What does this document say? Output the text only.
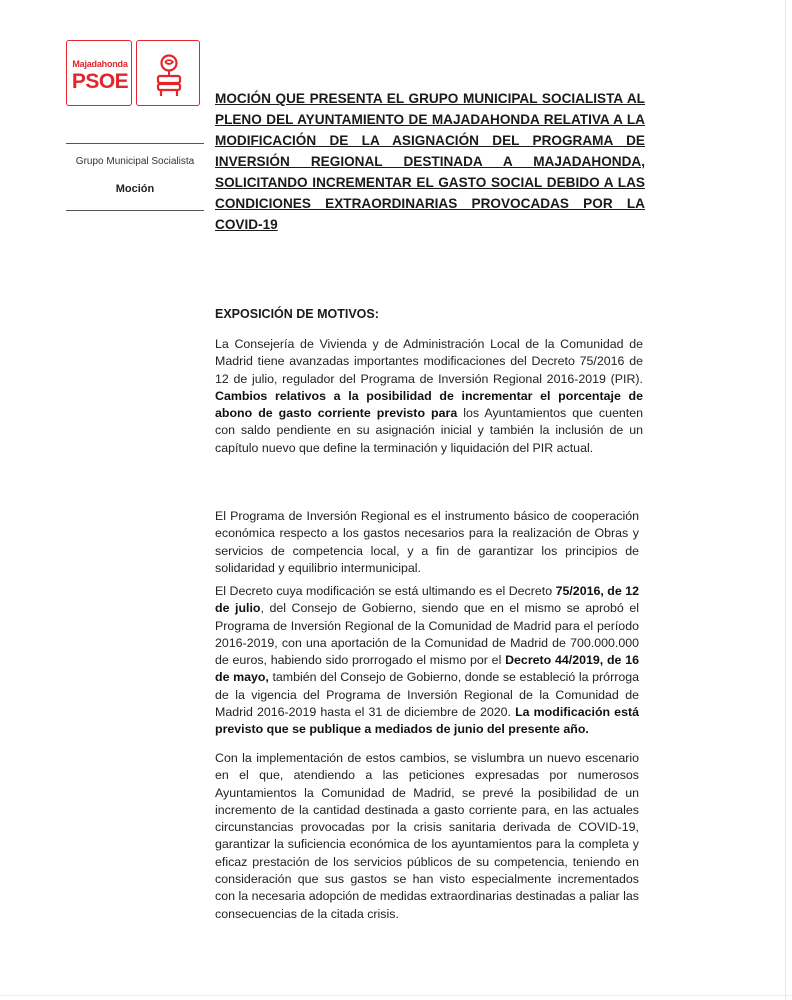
Majadahonda
PSOE
Grupo Municipal Socialista
Moción
MOCIÓN QUE PRESENTA EL GRUPO MUNICIPAL SOCIALISTA AL PLENO DEL AYUNTAMIENTO DE MAJADAHONDA RELATIVA A LA MODIFICACIÓN DE LA ASIGNACIÓN DEL PROGRAMA DE INVERSIÓN REGIONAL DESTINADA A MAJADAHONDA, SOLICITANDO INCREMENTAR EL GASTO SOCIAL DEBIDO A LAS CONDICIONES EXTRAORDINARIAS PROVOCADAS POR LA COVID-19
EXPOSICIÓN DE MOTIVOS:
La Consejería de Vivienda y de Administración Local de la Comunidad de Madrid tiene avanzadas importantes modificaciones del Decreto 75/2016 de 12 de julio, regulador del Programa de Inversión Regional 2016-2019 (PIR). Cambios relativos a la posibilidad de incrementar el porcentaje de abono de gasto corriente previsto para los Ayuntamientos que cuenten con saldo pendiente en su asignación inicial y también la inclusión de un capítulo nuevo que define la terminación y liquidación del PIR actual.
El Programa de Inversión Regional es el instrumento básico de cooperación económica respecto a los gastos necesarios para la realización de Obras y servicios de competencia local, y a fin de garantizar los principios de solidaridad y equilibrio intermunicipal.
El Decreto cuya modificación se está ultimando es el Decreto 75/2016, de 12 de julio, del Consejo de Gobierno, siendo que en el mismo se aprobó el Programa de Inversión Regional de la Comunidad de Madrid para el período 2016-2019, con una aportación de la Comunidad de Madrid de 700.000.000 de euros, habiendo sido prorrogado el mismo por el Decreto 44/2019, de 16 de mayo, también del Consejo de Gobierno, donde se estableció la prórroga de la vigencia del Programa de Inversión Regional de la Comunidad de Madrid 2016-2019 hasta el 31 de diciembre de 2020. La modificación está previsto que se publique a mediados de junio del presente año.
Con la implementación de estos cambios, se vislumbra un nuevo escenario en el que, atendiendo a las peticiones expresadas por numerosos Ayuntamientos la Comunidad de Madrid, se prevé la posibilidad de un incremento de la cantidad destinada a gasto corriente para, en las actuales circunstancias provocadas por la crisis sanitaria derivada de COVID-19, garantizar la suficiencia económica de los ayuntamientos para la completa y eficaz prestación de los servicios públicos de su competencia, teniendo en consideración que sus gastos se han visto especialmente incrementados con la necesaria adopción de medidas extraordinarias destinadas a paliar las consecuencias de la citada crisis.
